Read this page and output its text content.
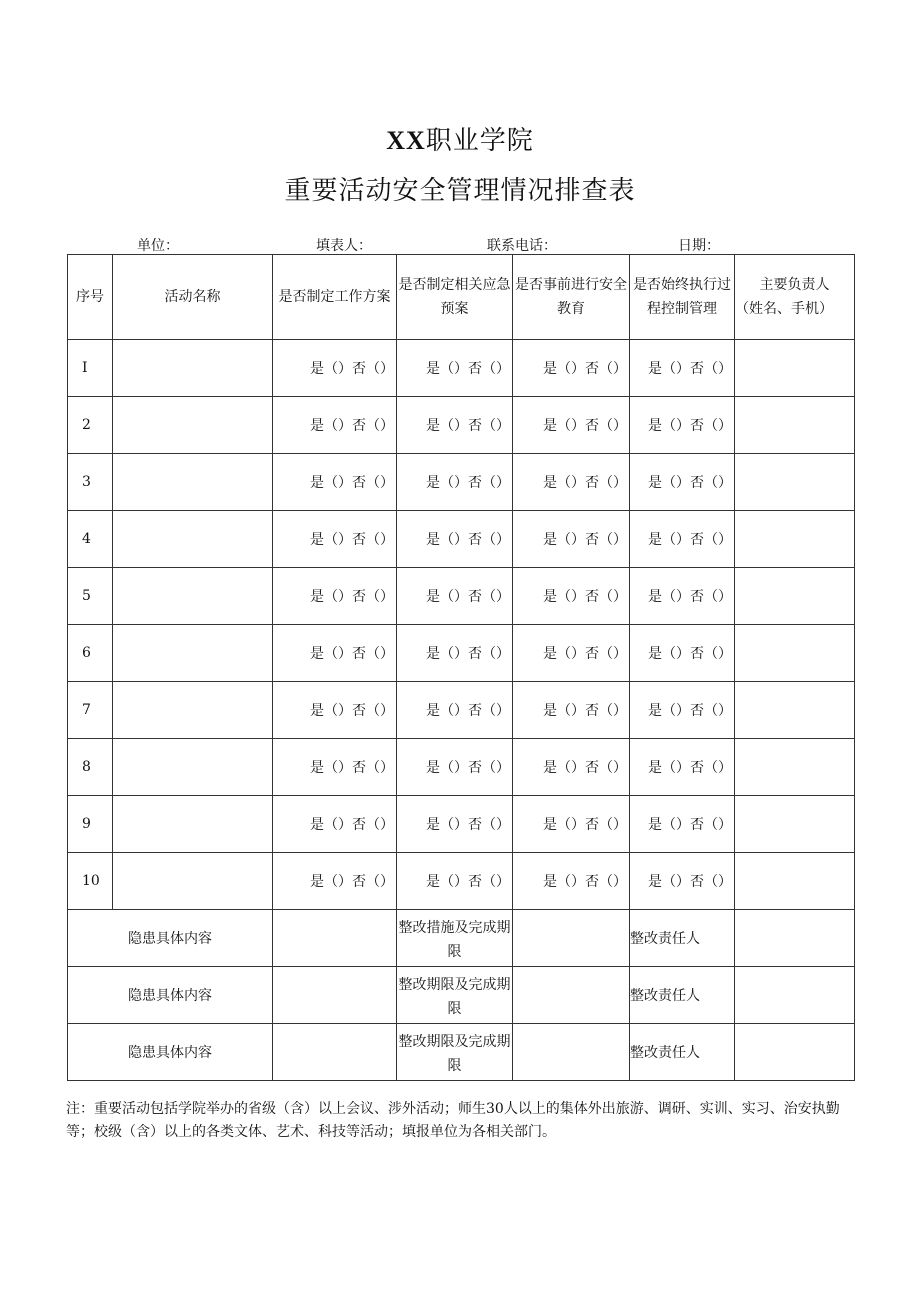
XX职业学院
重要活动安全管理情况排查表
单位：	填表人：	联系电话：	日期：
序号	活动名称	是否制定工作方案	是否制定相关应急预案	是否事前进行安全教育	是否始终执行过程控制管理	主要负责人
（姓名、手机）

I		是（）否（）	是（）否（）	是（）否（）	是（）否（）	
2		是（）否（）	是（）否（）	是（）否（）	是（）否（）	
3		是（）否（）	是（）否（）	是（）否（）	是（）否（）	
4		是（）否（）	是（）否（）	是（）否（）	是（）否（）	
5		是（）否（）	是（）否（）	是（）否（）	是（）否（）	
6		是（）否（）	是（）否（）	是（）否（）	是（）否（）	
7		是（）否（）	是（）否（）	是（）否（）	是（）否（）	
8		是（）否（）	是（）否（）	是（）否（）	是（）否（）	
9		是（）否（）	是（）否（）	是（）否（）	是（）否（）	
10		是（）否（）	是（）否（）	是（）否（）	是（）否（）	
隐患具体内容			整改措施及完成期限		整改责任人	
隐患具体内容			整改期限及完成期限		整改责任人	
隐患具体内容			整改期限及完成期限		整改责任人	
注：重要活动包括学院举办的省级（含）以上会议、涉外活动；师生30人以上的集体外出旅游、调研、实训、实习、治安执勤等；校级（含）以上的各类文体、艺术、科技等活动；填报单位为各相关部门。
